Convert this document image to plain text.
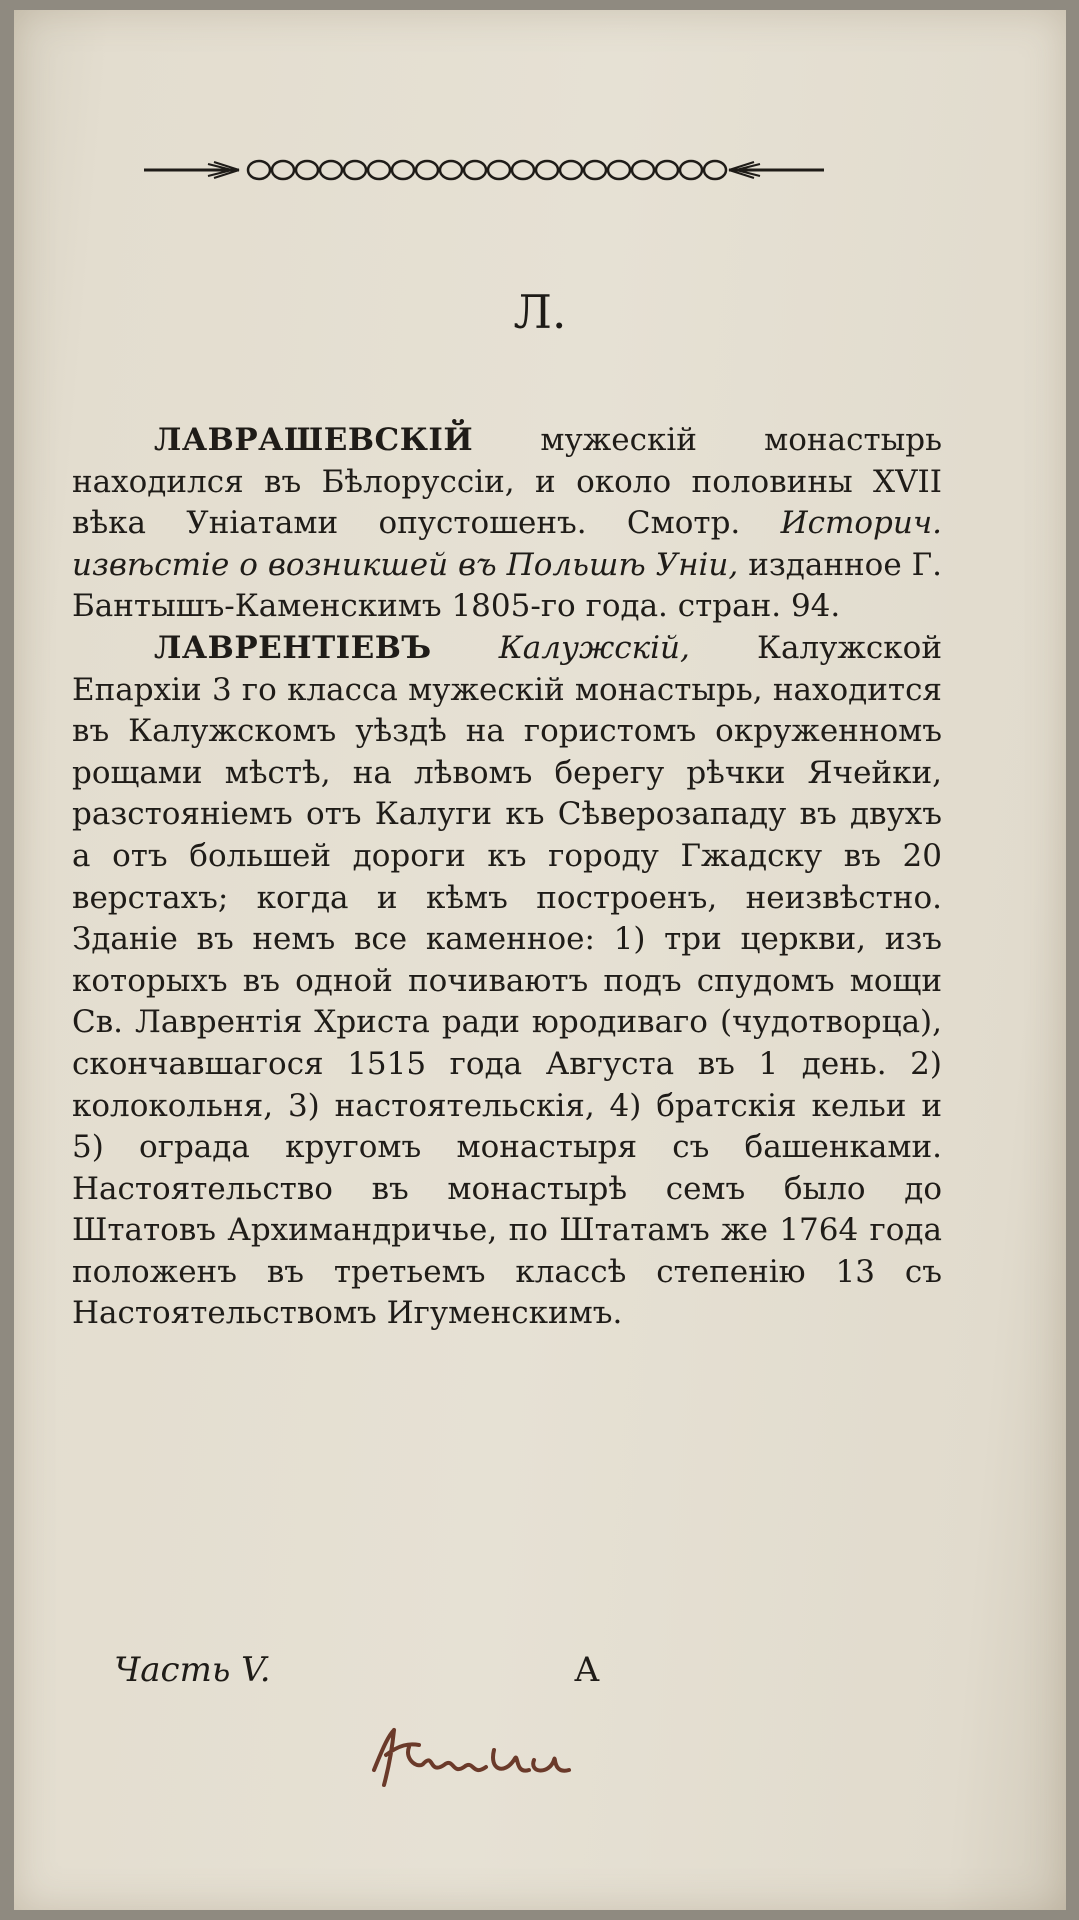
Л.

ЛАВРАШЕВСКІЙ мужескій монастырь находился въ Бѣлоруссіи, и около половины XVII вѣка Уніатами опустошенъ. Смотр. Историч. извѣстіе о возникшей въ Польшѣ Уніи, изданное Г. Бантышъ-Каменскимъ 1805-го года. стран. 94.

ЛАВРЕНТІЕВЪ Калужскій, Калужской Епархіи 3 го класса мужескій монастырь, находится въ Калужскомъ уѣздѣ на гористомъ окруженномъ рощами мѣстѣ, на лѣвомъ берегу рѣчки Ячейки, разстояніемъ отъ Калуги къ Сѣверозападу въ двухъ а отъ большей дороги къ городу Гжадску въ 20 верстахъ; когда и кѣмъ построенъ, неизвѣстно. Зданіе въ немъ все каменное: 1) три церкви, изъ которыхъ въ одной почиваютъ подъ спудомъ мощи Св. Лаврентія Христа ради юродиваго (чудотворца), скончавшагося 1515 года Августа въ 1 день. 2) колокольня, 3) настоятельскія, 4) братскія кельи и 5) ограда кругомъ монастыря съ башенками. Настоятельство въ монастырѣ семъ было до Штатовъ Архимандричье, по Штатамъ же 1764 года положенъ въ третьемъ классѣ степенію 13 съ Настоятельствомъ Игуменскимъ.

Часть V.	А
